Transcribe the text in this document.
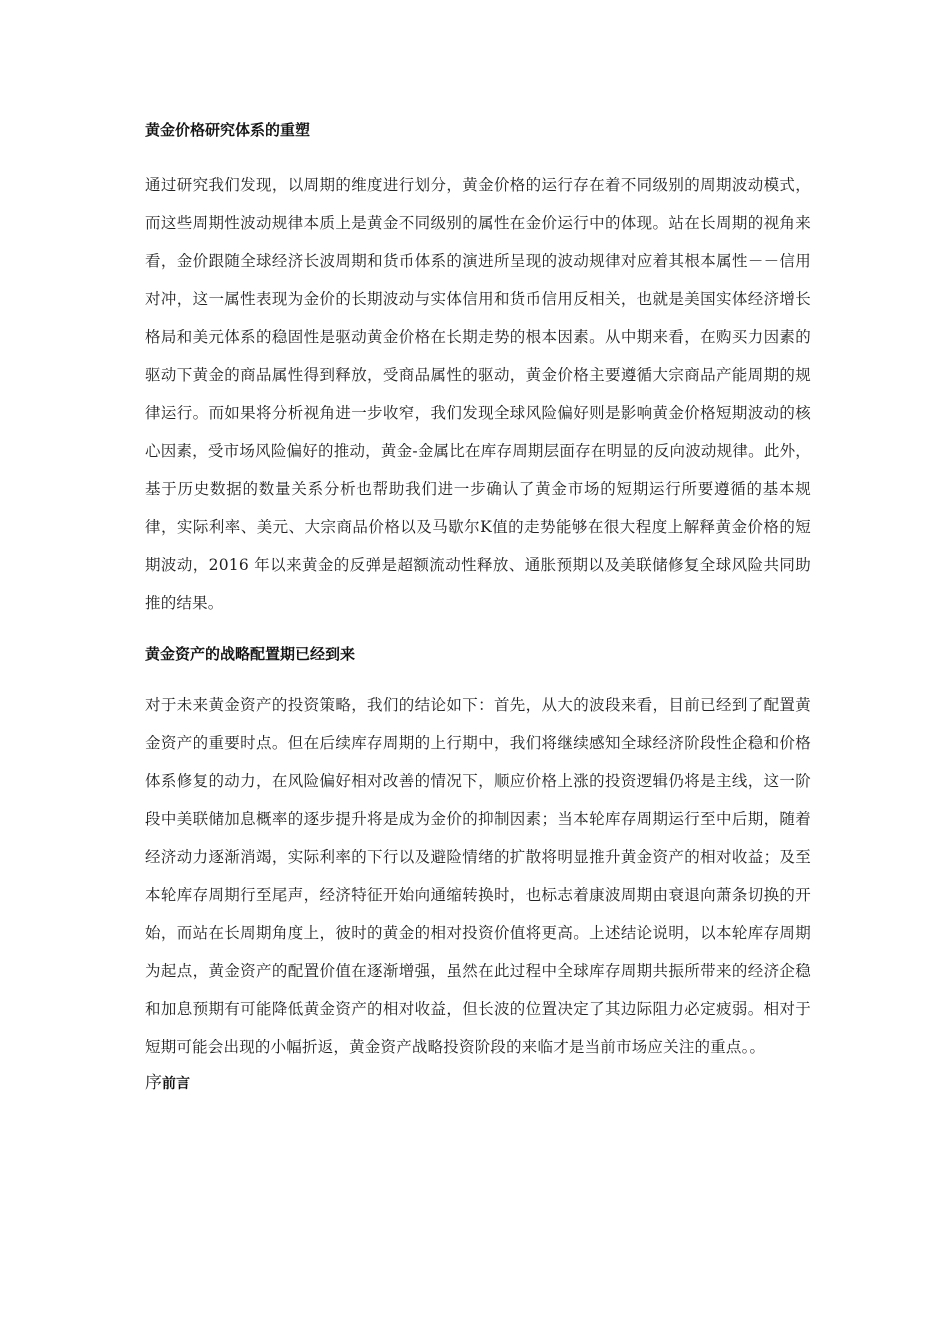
黄金价格研究体系的重塑

通过研究我们发现，以周期的维度进行划分，黄金价格的运行存在着不同级别的周期波动模式，而这些周期性波动规律本质上是黄金不同级别的属性在金价运行中的体现。站在长周期的视角来看，金价跟随全球经济长波周期和货币体系的演进所呈现的波动规律对应着其根本属性－－信用对冲，这一属性表现为金价的长期波动与实体信用和货币信用反相关，也就是美国实体经济增长格局和美元体系的稳固性是驱动黄金价格在长期走势的根本因素。从中期来看，在购买力因素的驱动下黄金的商品属性得到释放，受商品属性的驱动，黄金价格主要遵循大宗商品产能周期的规律运行。而如果将分析视角进一步收窄，我们发现全球风险偏好则是影响黄金价格短期波动的核心因素，受市场风险偏好的推动，黄金-金属比在库存周期层面存在明显的反向波动规律。此外，基于历史数据的数量关系分析也帮助我们进一步确认了黄金市场的短期运行所要遵循的基本规律，实际利率、美元、大宗商品价格以及马歇尔K值的走势能够在很大程度上解释黄金价格的短期波动，2016 年以来黄金的反弹是超额流动性释放、通胀预期以及美联储修复全球风险共同助推的结果。

黄金资产的战略配置期已经到来

对于未来黄金资产的投资策略，我们的结论如下：首先，从大的波段来看，目前已经到了配置黄金资产的重要时点。但在后续库存周期的上行期中，我们将继续感知全球经济阶段性企稳和价格体系修复的动力，在风险偏好相对改善的情况下，顺应价格上涨的投资逻辑仍将是主线，这一阶段中美联储加息概率的逐步提升将是成为金价的抑制因素；当本轮库存周期运行至中后期，随着经济动力逐渐消竭，实际利率的下行以及避险情绪的扩散将明显推升黄金资产的相对收益；及至本轮库存周期行至尾声，经济特征开始向通缩转换时，也标志着康波周期由衰退向萧条切换的开始，而站在长周期角度上，彼时的黄金的相对投资价值将更高。上述结论说明，以本轮库存周期为起点，黄金资产的配置价值在逐渐增强，虽然在此过程中全球库存周期共振所带来的经济企稳和加息预期有可能降低黄金资产的相对收益，但长波的位置决定了其边际阻力必定疲弱。相对于短期可能会出现的小幅折返，黄金资产战略投资阶段的来临才是当前市场应关注的重点。。

序前言
